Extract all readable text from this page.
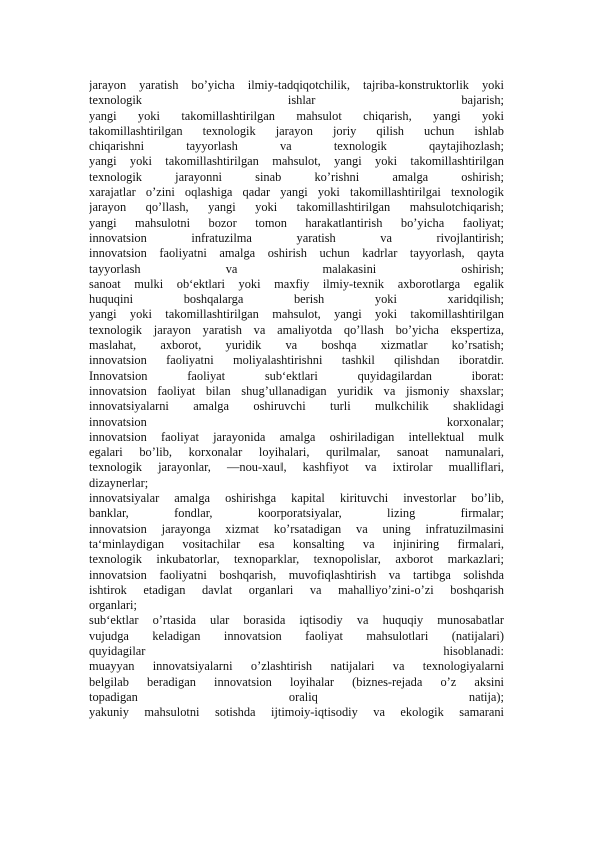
jarayon yaratish bo’yicha ilmiy-tadqiqotchilik, tajriba-konstruktorlik yoki
texnologik ishlar bajarish;
yangi yoki takomillashtirilgan mahsulot chiqarish, yangi yoki
takomillashtirilgan texnologik jarayon joriy qilish uchun ishlab
chiqarishni tayyorlash va texnologik qaytajihozlash;
yangi yoki takomillashtirilgan mahsulot, yangi yoki takomillashtirilgan
texnologik jarayonni sinab ko’rishni amalga oshirish;
xarajatlar o’zini oqlashiga qadar yangi yoki takomillashtirilgai texnologik
jarayon qo’llash, yangi yoki takomillashtirilgan mahsulotchiqarish;
yangi mahsulotni bozor tomon harakatlantirish bo’yicha faoliyat;
innovatsion infratuzilma yaratish va rivojlantirish;
innovatsion faoliyatni amalga oshirish uchun kadrlar tayyorlash, qayta
tayyorlash va malakasini oshirish;
sanoat mulki ob‘ektlari yoki maxfiy ilmiy-texnik axborotlarga egalik
huquqini boshqalarga berish yoki xaridqilish;
yangi yoki takomillashtirilgan mahsulot, yangi yoki takomillashtirilgan
texnologik jarayon yaratish va amaliyotda qo’llash bo’yicha ekspertiza,
maslahat, axborot, yuridik va boshqa xizmatlar ko’rsatish;
innovatsion faoliyatni moliyalashtirishni tashkil qilishdan iboratdir.
Innovatsion faoliyat sub‘ektlari quyidagilardan iborat:
innovatsion faoliyat bilan shug’ullanadigan yuridik va jismoniy shaxslar;
innovatsiyalarni amalga oshiruvchi turli mulkchilik shaklidagi
innovatsion korxonalar;
innovatsion faoliyat jarayonida amalga oshiriladigan intellektual mulk
egalari bo’lib, korxonalar loyihalari, qurilmalar, sanoat namunalari,
texnologik jarayonlar, ―nou-xau‖, kashfiyot va ixtirolar mualliflari,
dizaynerlar;
innovatsiyalar amalga oshirishga kapital kirituvchi investorlar bo’lib,
banklar, fondlar, koorporatsiyalar, lizing firmalar;
innovatsion jarayonga xizmat ko’rsatadigan va uning infratuzilmasini
ta‘minlaydigan vositachilar esa konsalting va injiniring firmalari,
texnologik inkubatorlar, texnoparklar, texnopolislar, axborot markazlari;
innovatsion faoliyatni boshqarish, muvofiqlashtirish va tartibga solishda
ishtirok etadigan davlat organlari va mahalliyo’zini-o’zi boshqarish
organlari;
sub‘ektlar o’rtasida ular borasida iqtisodiy va huquqiy munosabatlar
vujudga keladigan innovatsion faoliyat mahsulotlari (natijalari)
quyidagilar hisoblanadi:
muayyan innovatsiyalarni o’zlashtirish natijalari va texnologiyalarni
belgilab beradigan innovatsion loyihalar (biznes-rejada o’z aksini
topadigan oraliq natija);
yakuniy mahsulotni sotishda ijtimoiy-iqtisodiy va ekologik samarani
